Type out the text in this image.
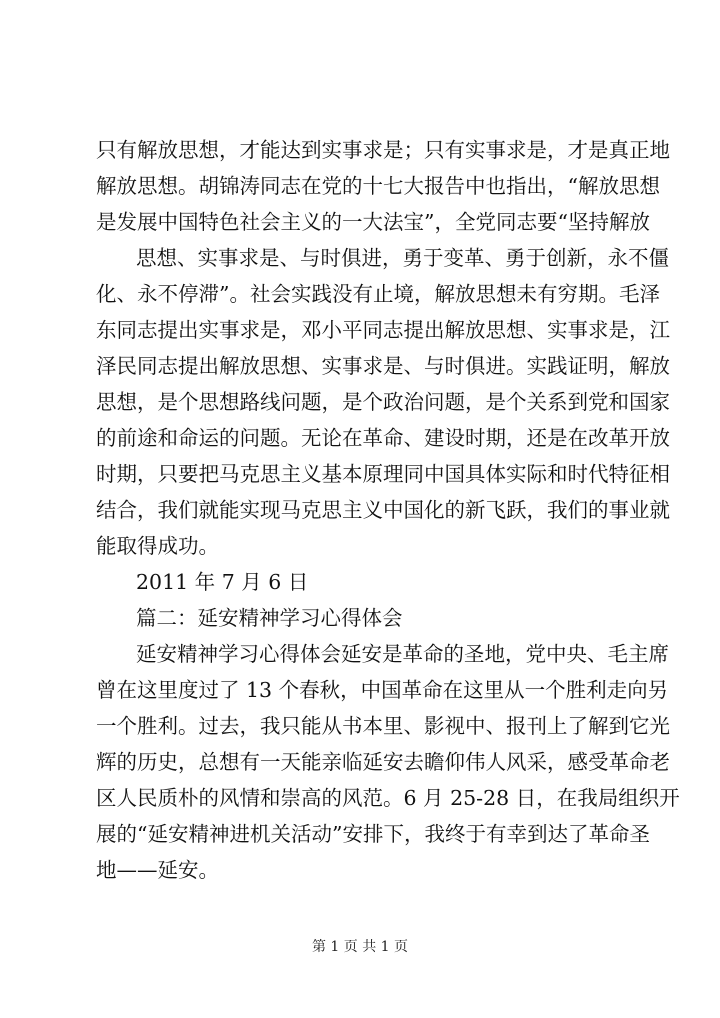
只有解放思想，才能达到实事求是；只有实事求是，才是真正地
解放思想。胡锦涛同志在党的十七大报告中也指出，“解放思想
是发展中国特色社会主义的一大法宝”，全党同志要“坚持解放
思想、实事求是、与时俱进，勇于变革、勇于创新，永不僵
化、永不停滞”。社会实践没有止境，解放思想未有穷期。毛泽
东同志提出实事求是，邓小平同志提出解放思想、实事求是，江
泽民同志提出解放思想、实事求是、与时俱进。实践证明，解放
思想，是个思想路线问题，是个政治问题，是个关系到党和国家
的前途和命运的问题。无论在革命、建设时期，还是在改革开放
时期，只要把马克思主义基本原理同中国具体实际和时代特征相
结合，我们就能实现马克思主义中国化的新飞跃，我们的事业就
能取得成功。
2011 年 7 月 6 日
篇二：延安精神学习心得体会
延安精神学习心得体会延安是革命的圣地，党中央、毛主席
曾在这里度过了 13 个春秋，中国革命在这里从一个胜利走向另
一个胜利。过去，我只能从书本里、影视中、报刊上了解到它光
辉的历史，总想有一天能亲临延安去瞻仰伟人风采，感受革命老
区人民质朴的风情和崇高的风范。6 月 25-28 日，在我局组织开
展的“延安精神进机关活动”安排下，我终于有幸到达了革命圣
地——延安。
第 1 页 共 1 页
